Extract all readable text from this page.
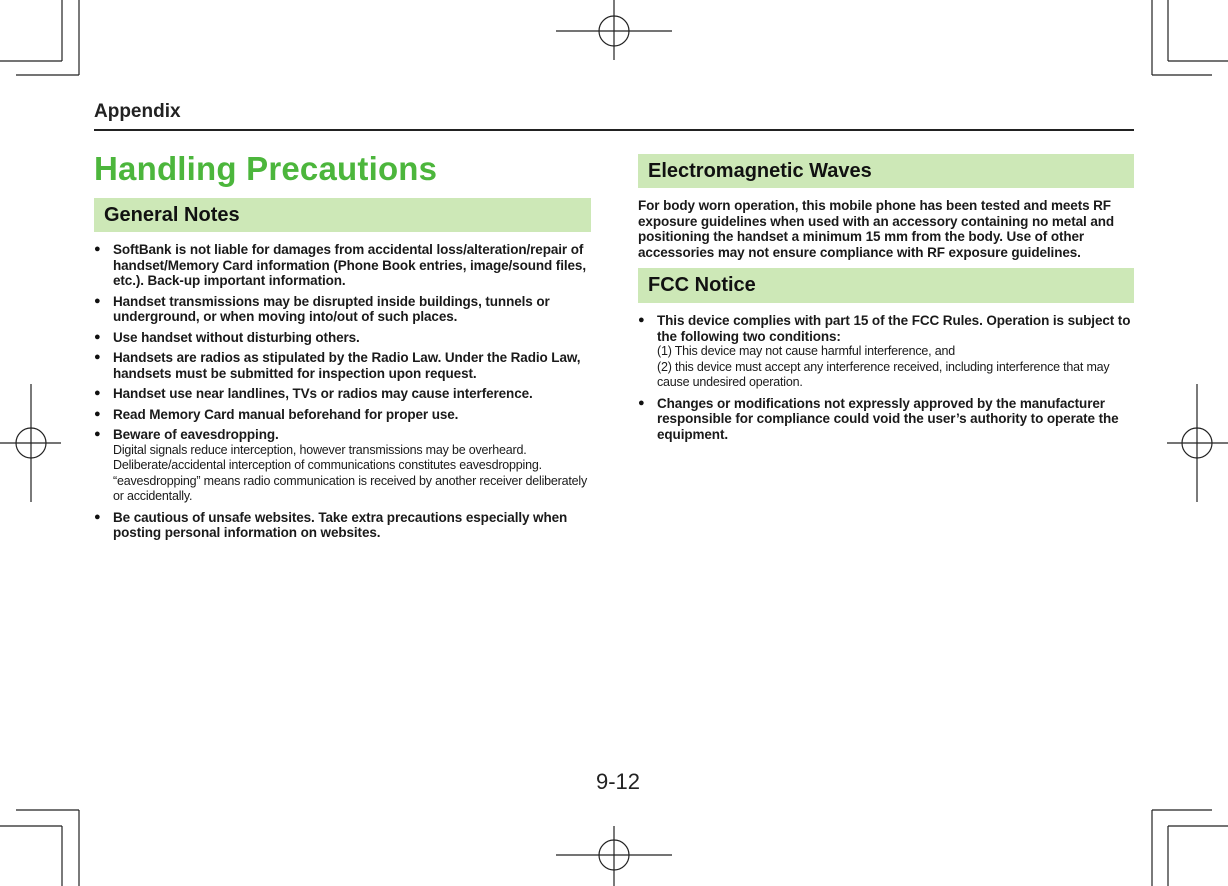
Appendix
Handling Precautions
General Notes
● SoftBank is not liable for damages from accidental loss/alteration/repair of handset/Memory Card information (Phone Book entries, image/sound files, etc.). Back-up important information.
● Handset transmissions may be disrupted inside buildings, tunnels or underground, or when moving into/out of such places.
● Use handset without disturbing others.
● Handsets are radios as stipulated by the Radio Law. Under the Radio Law, handsets must be submitted for inspection upon request.
● Handset use near landlines, TVs or radios may cause interference.
● Read Memory Card manual beforehand for proper use.
● Beware of eavesdropping.
Digital signals reduce interception, however transmissions may be overheard. Deliberate/accidental interception of communications constitutes eavesdropping. “eavesdropping” means radio communication is received by another receiver deliberately or accidentally.
● Be cautious of unsafe websites. Take extra precautions especially when posting personal information on websites.
Electromagnetic Waves

For body worn operation, this mobile phone has been tested and meets RF exposure guidelines when used with an accessory containing no metal and positioning the handset a minimum 15 mm from the body. Use of other accessories may not ensure compliance with RF exposure guidelines.

FCC Notice
● This device complies with part 15 of the FCC Rules. Operation is subject to the following two conditions:
(1) This device may not cause harmful interference, and
(2) this device must accept any interference received, including interference that may cause undesired operation.
● Changes or modifications not expressly approved by the manufacturer responsible for compliance could void the user’s authority to operate the equipment.
9-12
